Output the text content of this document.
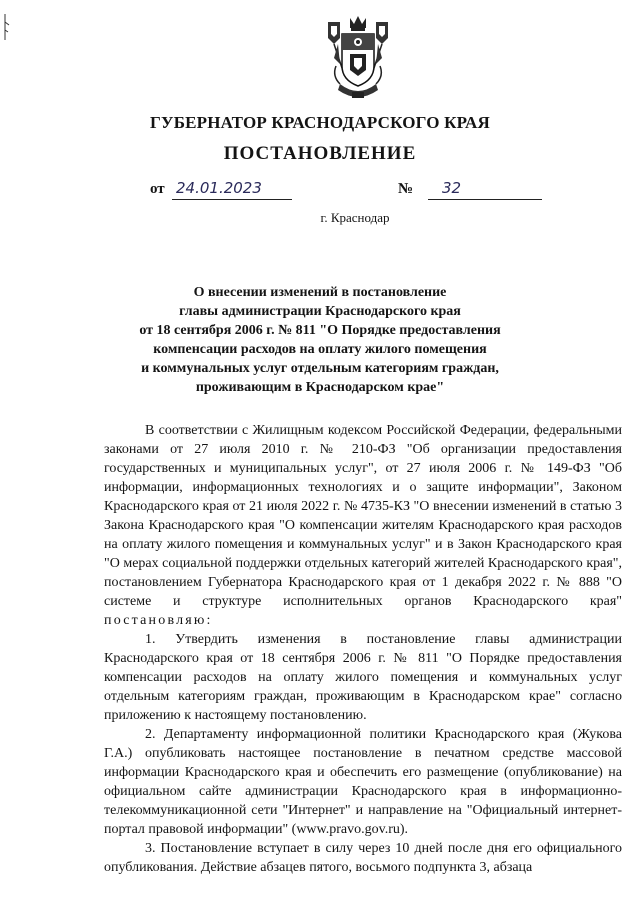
ГУБЕРНАТОР КРАСНОДАРСКОГО КРАЯ
ПОСТАНОВЛЕНИЕ
от 24.01.2023	№	32
г. Краснодар
О внесении изменений в постановление
главы администрации Краснодарского края
от 18 сентября 2006 г. № 811 "О Порядке предоставления
компенсации расходов на оплату жилого помещения
и коммунальных услуг отдельным категориям граждан,
проживающим в Краснодарском крае"

В соответствии с Жилищным кодексом Российской Федерации, федеральными законами от 27 июля 2010 г. № 210-ФЗ "Об организации предоставления государственных и муниципальных услуг", от 27 июля 2006 г. № 149-ФЗ "Об информации, информационных технологиях и о защите информации", Законом Краснодарского края от 21 июля 2022 г. № 4735-КЗ "О внесении изменений в статью 3 Закона Краснодарского края "О компенсации жителям Краснодарского края расходов на оплату жилого помещения и коммунальных услуг" и в Закон Краснодарского края "О мерах социальной поддержки отдельных категорий жителей Краснодарского края", постановлением Губернатора Краснодарского края от 1 декабря 2022 г. № 888 "О системе и структуре исполнительных органов Краснодарского края" постановляю:

1. Утвердить изменения в постановление главы администрации Краснодарского края от 18 сентября 2006 г. № 811 "О Порядке предоставления компенсации расходов на оплату жилого помещения и коммунальных услуг отдельным категориям граждан, проживающим в Краснодарском крае" согласно приложению к настоящему постановлению.

2. Департаменту информационной политики Краснодарского края (Жукова Г.А.) опубликовать настоящее постановление в печатном средстве массовой информации Краснодарского края и обеспечить его размещение (опубликование) на официальном сайте администрации Краснодарского края в информационно-телекоммуникационной сети "Интернет" и направление на "Официальный интернет-портал правовой информации" (www.pravo.gov.ru).

3. Постановление вступает в силу через 10 дней после дня его официального опубликования. Действие абзацев пятого, восьмого подпункта 3, абзаца
